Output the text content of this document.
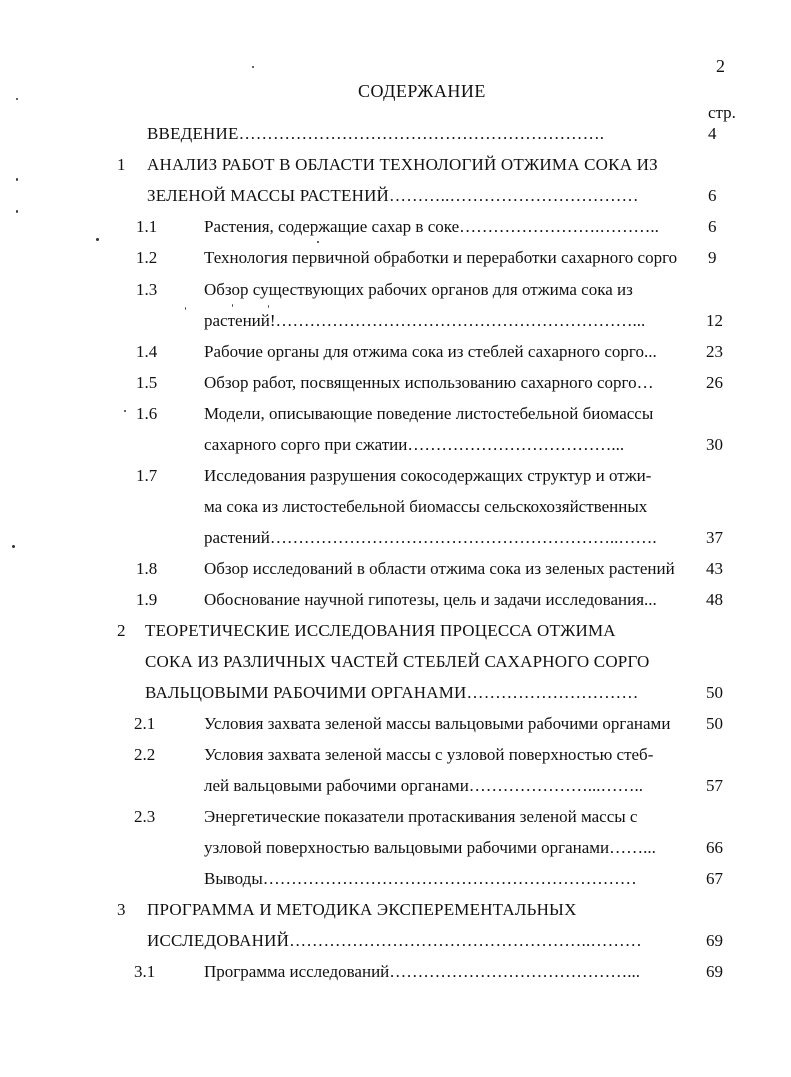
2
СОДЕРЖАНИЕ
стр.
ВВЕДЕНИЕ……………………………………………………….	4
1 АНАЛИЗ РАБОТ В ОБЛАСТИ ТЕХНОЛОГИЙ ОТЖИМА СОКА ИЗ
ЗЕЛЕНОЙ МАССЫ РАСТЕНИЙ………..……………………………	6
1.1	Растения, содержащие сахар в соке…………………….………..	6
1.2	Технология первичной обработки и переработки сахарного сорго 9
1.3	Обзор существующих рабочих органов для отжима сока из
растений!………………………………………………………...	12
1.4	Рабочие органы для отжима сока из стеблей сахарного сорго...	23
1.5	Обзор работ, посвященных использованию сахарного сорго…	26
1.6	Модели, описывающие поведение листостебельной биомассы
сахарного сорго при сжатии………………………………...	30
1.7	Исследования разрушения сокосодержащих структур и отжи-
ма сока из листостебельной биомассы сельскохозяйственных
растений……………………………………………………..…….	37
1.8	Обзор исследований в области отжима сока из зеленых растений 43
1.9	Обоснование научной гипотезы, цель и задачи исследования...	48
2 ТЕОРЕТИЧЕСКИЕ ИССЛЕДОВАНИЯ ПРОЦЕССА ОТЖИМА
СОКА ИЗ РАЗЛИЧНЫХ ЧАСТЕЙ СТЕБЛЕЙ САХАРНОГО СОРГО
ВАЛЬЦОВЫМИ РАБОЧИМИ ОРГАНАМИ…………………………	50
2.1	Условия захвата зеленой массы вальцовыми рабочими органами 50
2.2	Условия захвата зеленой массы с узловой поверхностью стеб-
лей вальцовыми рабочими органами…………………...……..	57
2.3	Энергетические показатели протаскивания зеленой массы с
узловой поверхностью вальцовыми рабочими органами……...	66
Выводы…………………………………………………………	67
3 ПРОГРАММА И МЕТОДИКА ЭКСПЕРЕМЕНТАЛЬНЫХ
ИССЛЕДОВАНИЙ……………………………………………..………	69
3.1	Программа исследований……………………………………...	69
